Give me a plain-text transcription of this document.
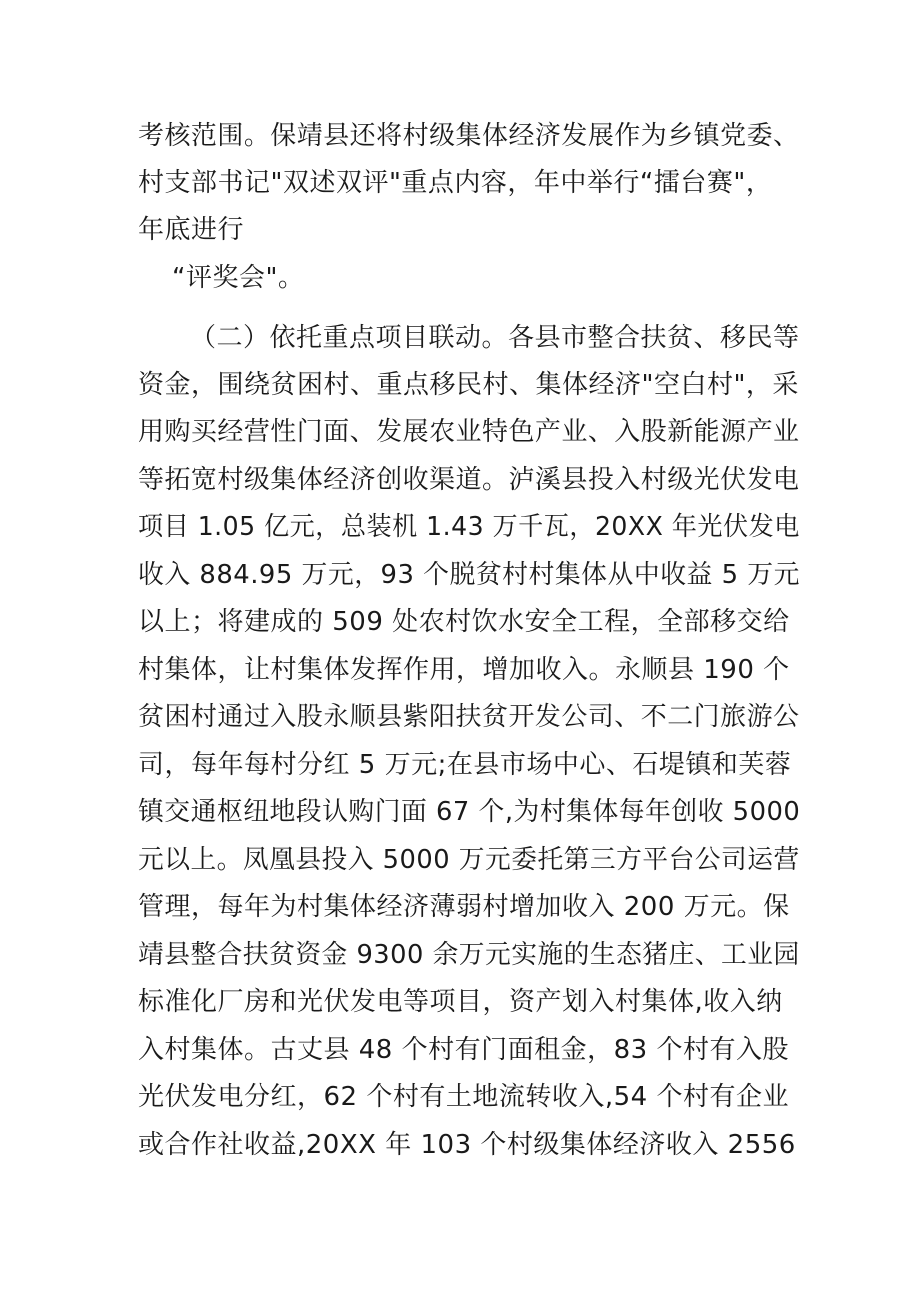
考核范围。保靖县还将村级集体经济发展作为乡镇党委、
村支部书记"双述双评"重点内容，年中举行“擂台赛"，
年底进行
“评奖会"。
（二）依托重点项目联动。各县市整合扶贫、移民等
资金，围绕贫困村、重点移民村、集体经济"空白村"，采
用购买经营性门面、发展农业特色产业、入股新能源产业
等拓宽村级集体经济创收渠道。泸溪县投入村级光伏发电
项目 1.05 亿元，总装机 1.43 万千瓦，20XX 年光伏发电
收入 884.95 万元，93 个脱贫村村集体从中收益 5 万元
以上；将建成的 509 处农村饮水安全工程，全部移交给
村集体，让村集体发挥作用，增加收入。永顺县 190 个
贫困村通过入股永顺县紫阳扶贫开发公司、不二门旅游公
司，每年每村分红 5 万元;在县市场中心、石堤镇和芙蓉
镇交通枢纽地段认购门面 67 个,为村集体每年创收 5000
元以上。凤凰县投入 5000 万元委托第三方平台公司运营
管理，每年为村集体经济薄弱村增加收入 200 万元。保
靖县整合扶贫资金 9300 余万元实施的生态猪庄、工业园
标准化厂房和光伏发电等项目，资产划入村集体,收入纳
入村集体。古丈县 48 个村有门面租金，83 个村有入股
光伏发电分红，62 个村有土地流转收入,54 个村有企业
或合作社收益,20XX 年 103 个村级集体经济收入 2556
